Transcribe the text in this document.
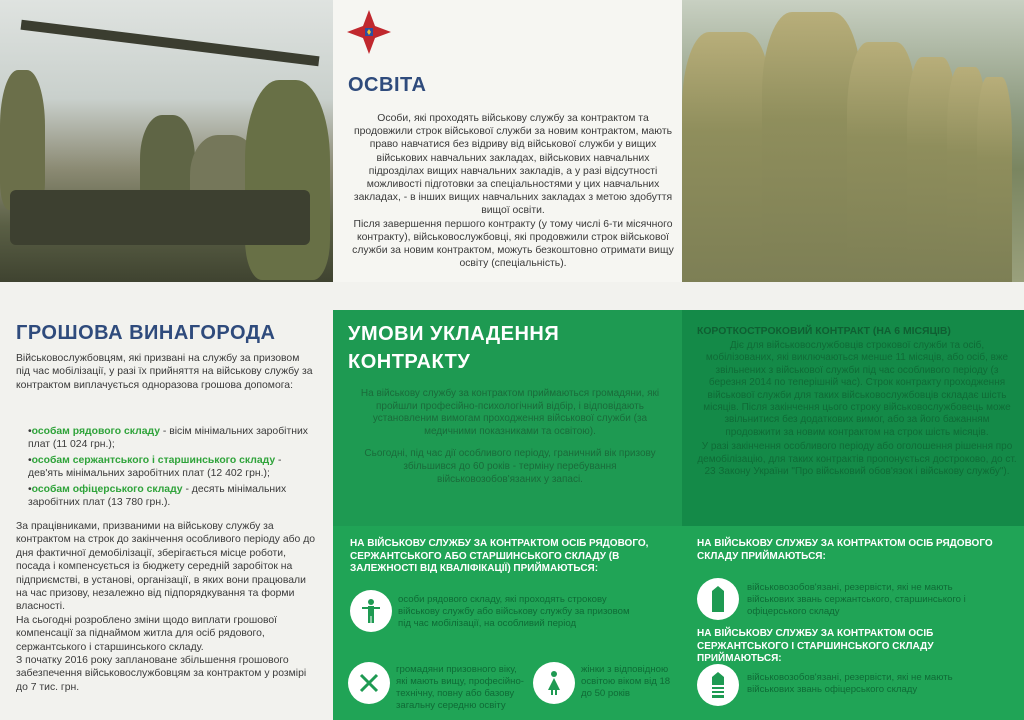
ОСВІТА

Особи, які проходять військову службу за контрактом та продовжили строк військової служби за новим контрактом, мають право навчатися без відриву від військової служби у вищих військових навчальних закладах, військових навчальних підрозділах вищих навчальних закладів, а у разі відсутності можливості підготовки за спеціальностями у цих навчальних закладах, - в інших вищих навчальних закладах з метою здобуття вищої освіти.

Після завершення першого контракту (у тому числі 6-ти місячного контракту), військовослужбовці, які продовжили строк військової служби за новим контрактом, можуть безкоштовно отримати вищу освіту (спеціальність).

ГРОШОВА ВИНАГОРОДА
Військовослужбовцям, які призвані на службу за призовом під час мобілізації, у разі їх прийняття на військову службу за контрактом виплачується одноразова грошова допомога:
•особам рядового складу - вісім мінімальних заробітних плат (11 024 грн.);
•особам сержантського і старшинського складу - дев'ять мінімальних заробітних плат (12 402 грн.);
•особам офіцерського складу - десять мінімальних заробітних плат (13 780 грн.).

За працівниками, призваними на військову службу за контрактом на строк до закінчення особливого періоду або до дня фактичної демобілізації, зберігається місце роботи, посада і компенсується із бюджету середній заробіток на підприємстві, в установі, організації, в яких вони працювали на час призову, незалежно від підпорядкування та форми власності.

На сьогодні розроблено зміни щодо виплати грошової компенсації за піднаймом житла для осіб рядового, сержантського і старшинського складу.

З початку 2016 року заплановане збільшення грошового забезпечення військовослужбовцям за контрактом у розмірі до 7 тис. грн.

УМОВИ УКЛАДЕННЯ КОНТРАКТУ

На військову службу за контрактом приймаються громадяни, які пройшли професійно-психологічний відбір, і відповідають установленим вимогам проходження військової служби (за медичними показниками та освітою).

Сьогодні, під час дії особливого періоду, граничний вік призову збільшився до 60 років - терміну перебування військовозобов'язаних у запасі.

КОРОТКОСТРОКОВИЙ КОНТРАКТ (НА 6 МІСЯЦІВ)

Діє для військовослужбовців строкової служби та осіб, мобілізованих, які виключаються менше 11 місяців, або осіб, вже звільнених з військової служби під час особливого періоду (з березня 2014 по теперішній час). Строк контракту проходження військової служби для таких військовослужбовців складає шість місяців. Після закінчення цього строку військовослужбовець може звільнитися без додаткових вимог, або за його бажанням продовжити за новим контрактом на строк шість місяців.

У разі закінчення особливого періоду або оголошення рішення про демобілізацію, для таких контрактів пропонується достроково, до ст. 23 Закону України "Про військовий обов'язок і військову службу").

НА ВІЙСЬКОВУ СЛУЖБУ ЗА КОНТРАКТОМ ОСІБ РЯДОВОГО, СЕРЖАНТСЬКОГО АБО СТАРШИНСЬКОГО СКЛАДУ (В ЗАЛЕЖНОСТІ ВІД КВАЛІФІКАЦІЇ) ПРИЙМАЮТЬСЯ:
НА ВІЙСЬКОВУ СЛУЖБУ ЗА КОНТРАКТОМ ОСІБ РЯДОВОГО СКЛАДУ ПРИЙМАЮТЬСЯ:
НА ВІЙСЬКОВУ СЛУЖБУ ЗА КОНТРАКТОМ ОСІБ СЕРЖАНТСЬКОГО І СТАРШИНСЬКОГО СКЛАДУ ПРИЙМАЮТЬСЯ:
особи рядового складу, які проходять строкову військову службу або військову службу за призовом під час мобілізації, на особливий період
громадяни призовного віку, які мають вищу, професійно-технічну, повну або базову загальну середню освіту
жінки з відповідною освітою віком від 18 до 50 років
військовозобов'язані, резервісти, які не мають військових звань сержантського, старшинського і офіцерського складу
військовозобов'язані, резервісти, які не мають військових звань офіцерського складу
